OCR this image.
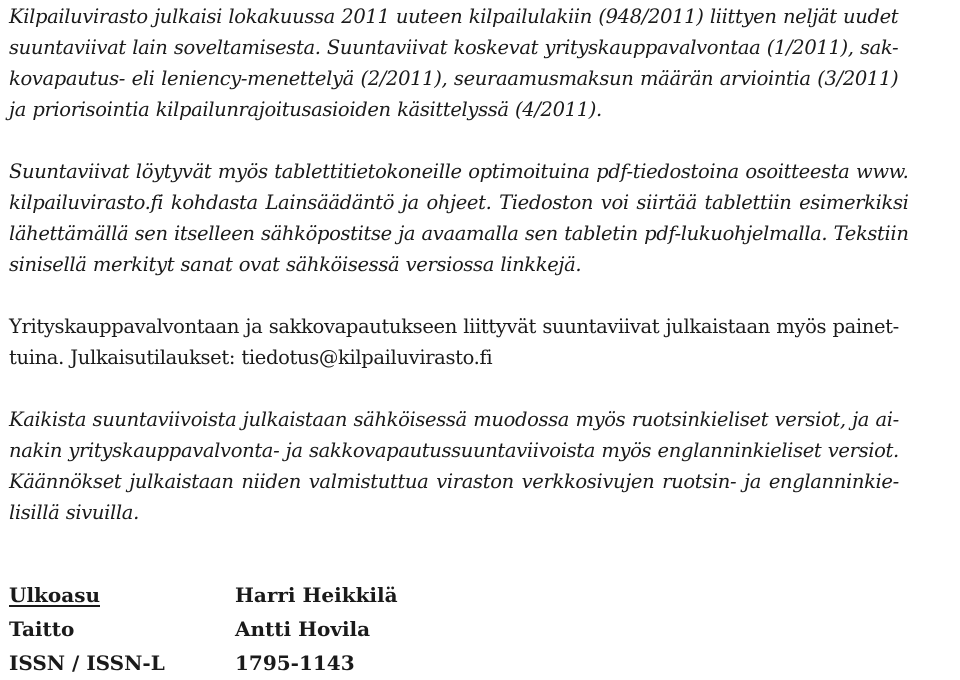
Kilpailuvirasto julkaisi lokakuussa 2011 uuteen kilpailulakiin (948/2011) liittyen neljät uudet
suuntaviivat lain soveltamisesta. Suuntaviivat koskevat yrityskauppavalvontaa (1/2011), sak-
kovapautus- eli leniency-menettelyä (2/2011), seuraamusmaksun määrän arviointia (3/2011)
ja priorisointia kilpailunrajoitusasioiden käsittelyssä (4/2011).
Suuntaviivat löytyvät myös tablettitietokoneille optimoituina pdf-tiedostoina osoitteesta www.
kilpailuvirasto.fi kohdasta Lainsäädäntö ja ohjeet. Tiedoston voi siirtää tablettiin esimerkiksi
lähettämällä sen itselleen sähköpostitse ja avaamalla sen tabletin pdf-lukuohjelmalla. Tekstiin
sinisellä merkityt sanat ovat sähköisessä versiossa linkkejä.
Yrityskauppavalvontaan ja sakkovapautukseen liittyvät suuntaviivat julkaistaan myös painet-
tuina. Julkaisutilaukset: tiedotus@kilpailuvirasto.fi
Kaikista suuntaviivoista julkaistaan sähköisessä muodossa myös ruotsinkieliset versiot, ja ai-
nakin yrityskauppavalvonta- ja sakkovapautussuuntaviivoista myös englanninkieliset versiot.
Käännökset julkaistaan niiden valmistuttua viraston verkkosivujen ruotsin- ja englanninkie-
lisillä sivuilla.
Ulkoasu	Harri Heikkilä
Taitto	Antti Hovila
ISSN / ISSN-L	1795-1143
